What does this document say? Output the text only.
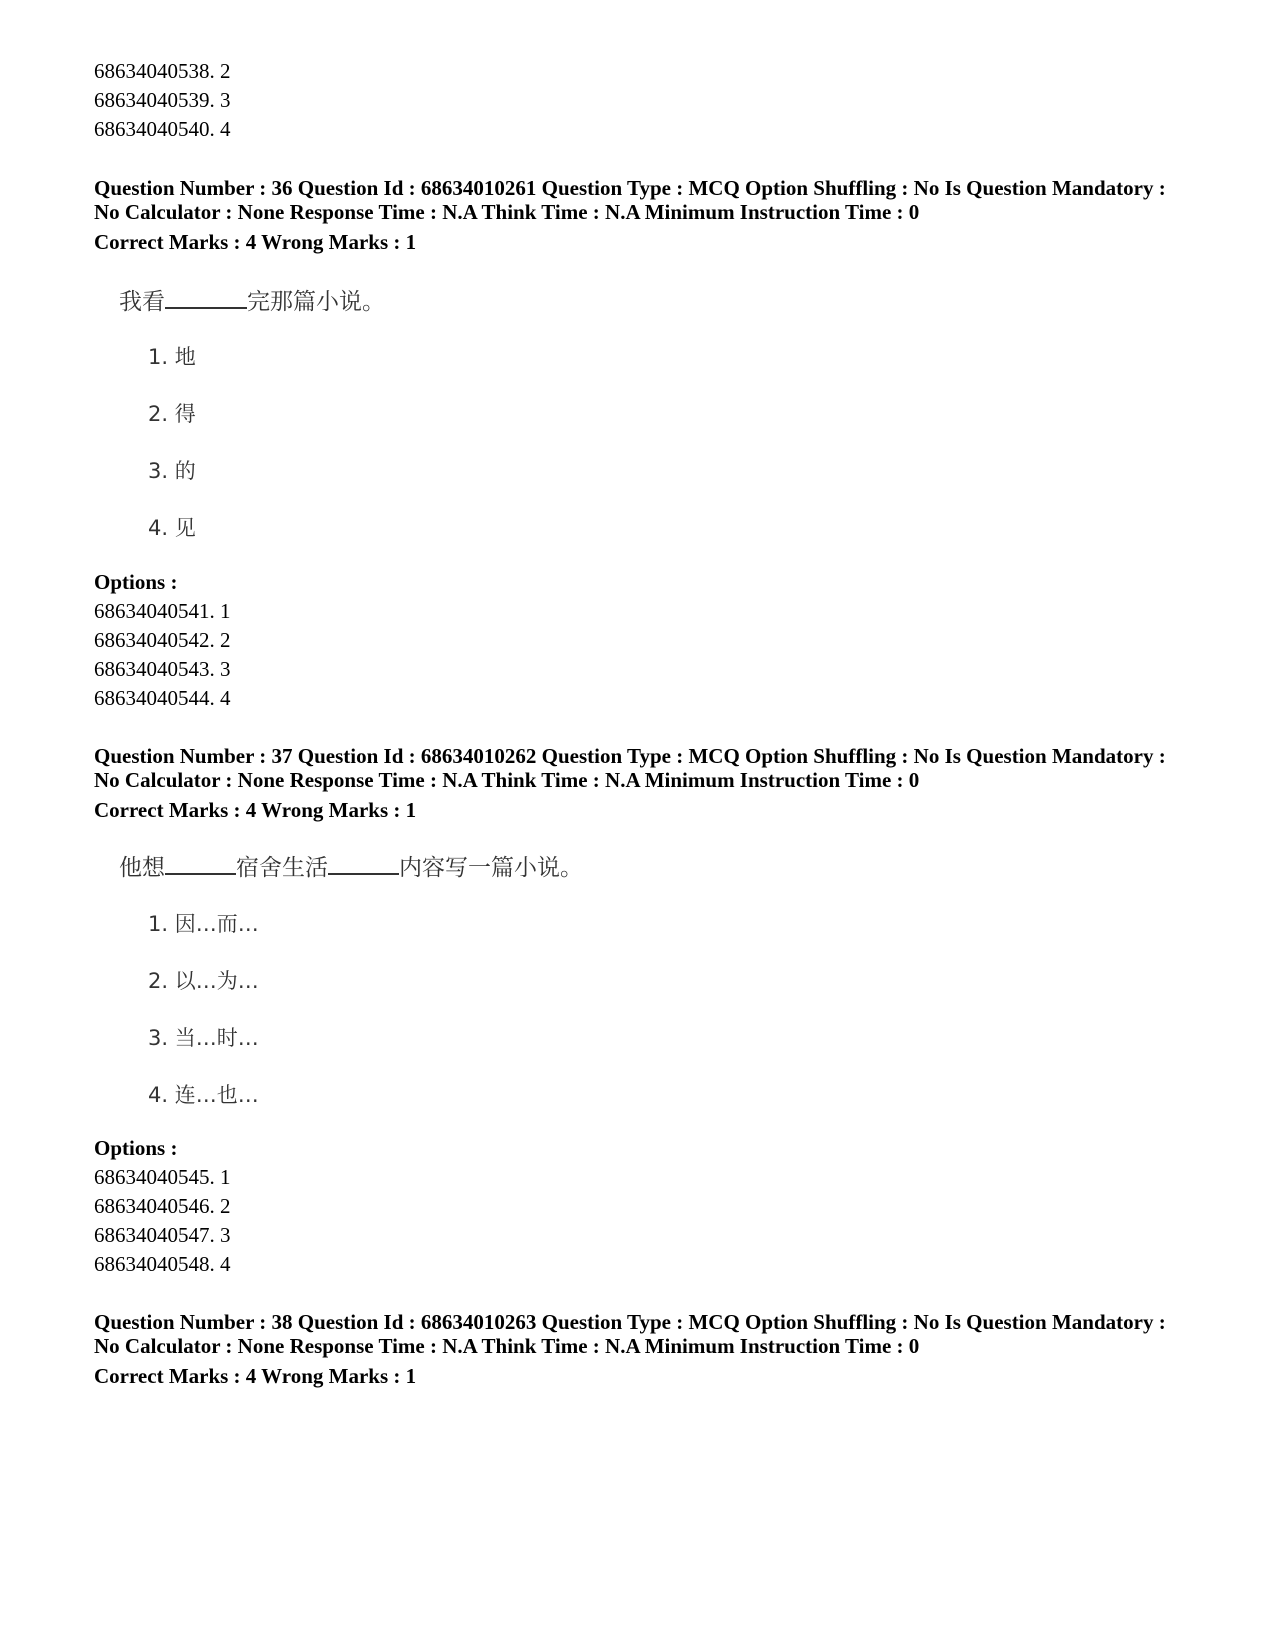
68634040538. 2
68634040539. 3
68634040540. 4
Question Number : 36 Question Id : 68634010261 Question Type : MCQ Option Shuffling : No Is Question Mandatory :
No Calculator : None Response Time : N.A Think Time : N.A Minimum Instruction Time : 0
Correct Marks : 4 Wrong Marks : 1
我看	完那篇小说。
1. 地
2. 得
3. 的
4. 见
Options :
68634040541. 1
68634040542. 2
68634040543. 3
68634040544. 4
Question Number : 37 Question Id : 68634010262 Question Type : MCQ Option Shuffling : No Is Question Mandatory :
No Calculator : None Response Time : N.A Think Time : N.A Minimum Instruction Time : 0
Correct Marks : 4 Wrong Marks : 1
他想	宿舍生活	内容写一篇小说。
1. 因…而…
2. 以…为…
3. 当…时…
4. 连…也…
Options :
68634040545. 1
68634040546. 2
68634040547. 3
68634040548. 4
Question Number : 38 Question Id : 68634010263 Question Type : MCQ Option Shuffling : No Is Question Mandatory :
No Calculator : None Response Time : N.A Think Time : N.A Minimum Instruction Time : 0
Correct Marks : 4 Wrong Marks : 1
